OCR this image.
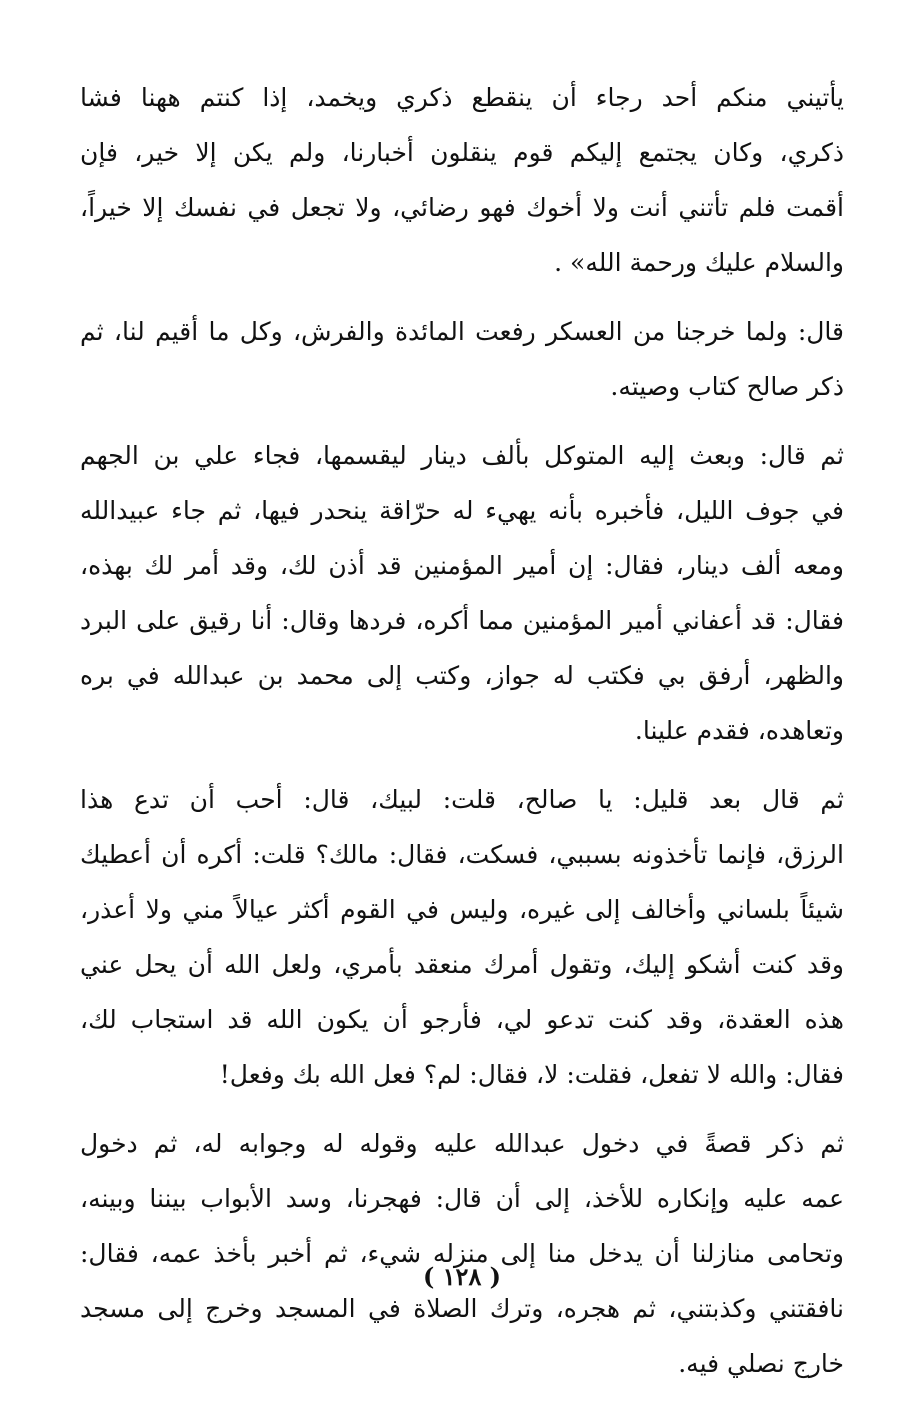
يأتيني منكم أحد رجاء أن ينقطع ذكري ويخمد، إذا كنتم ههنا فشا
ذكري، وكان يجتمع إليكم قوم ينقلون أخبارنا، ولم يكن إلا خير، فإن
أقمت فلم تأتني أنت ولا أخوك فهو رضائي، ولا تجعل في نفسك إلا خيراً،
والسلام عليك ورحمة الله» .

قال: ولما خرجنا من العسكر رفعت المائدة والفرش، وكل ما أقيم لنا، ثم
ذكر صالح كتاب وصيته.

ثم قال: وبعث إليه المتوكل بألف دينار ليقسمها، فجاء علي بن الجهم
في جوف الليل، فأخبره بأنه يهيء له حرّاقة ينحدر فيها، ثم جاء عبيدالله
ومعه ألف دينار، فقال: إن أمير المؤمنين قد أذن لك، وقد أمر لك بهذه،
فقال: قد أعفاني أمير المؤمنين مما أكره، فردها وقال: أنا رقيق على البرد
والظهر، أرفق بي فكتب له جواز، وكتب إلى محمد بن عبدالله في بره
وتعاهده، فقدم علينا.

ثم قال بعد قليل: يا صالح، قلت: لبيك، قال: أحب أن تدع هذا
الرزق، فإنما تأخذونه بسببي، فسكت، فقال: مالك؟ قلت: أكره أن أعطيك
شيئاً بلساني وأخالف إلى غيره، وليس في القوم أكثر عيالاً مني ولا أعذر،
وقد كنت أشكو إليك، وتقول أمرك منعقد بأمري، ولعل الله أن يحل عني
هذه العقدة، وقد كنت تدعو لي، فأرجو أن يكون الله قد استجاب لك،
فقال: والله لا تفعل، فقلت: لا، فقال: لم؟ فعل الله بك وفعل!

ثم ذكر قصةً في دخول عبدالله عليه وقوله له وجوابه له، ثم دخول
عمه عليه وإنكاره للأخذ، إلى أن قال: فهجرنا، وسد الأبواب بيننا وبينه،
وتحامى منازلنا أن يدخل منا إلى منزله شيء، ثم أخبر بأخذ عمه، فقال:
نافقتني وكذبتني، ثم هجره، وترك الصلاة في المسجد وخرج إلى مسجد
خارج نصلي فيه.

( ١٢٨ )
